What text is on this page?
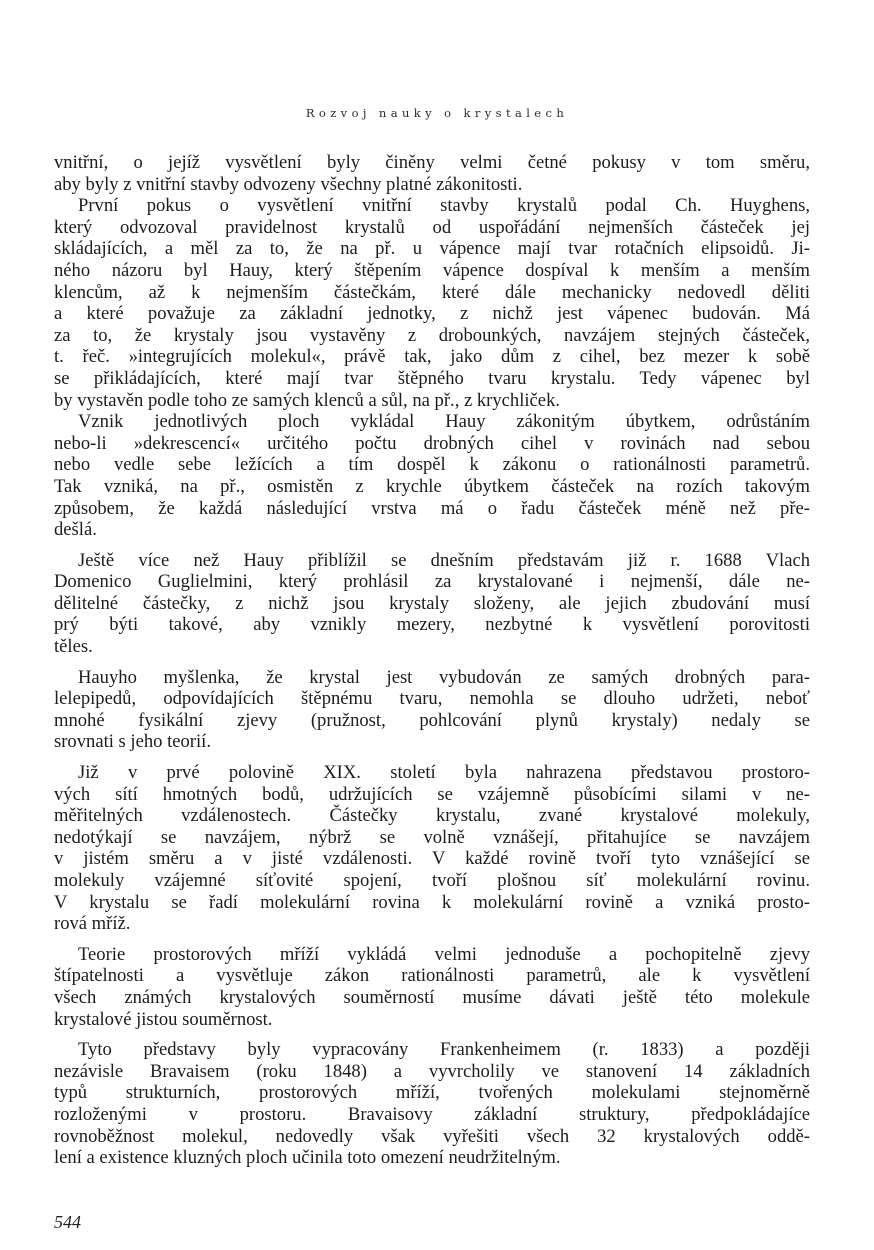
Rozvoj nauky o krystalech
vnitřní, o jejíž vysvětlení byly činěny velmi četné pokusy v tom směru,
aby byly z vnitřní stavby odvozeny všechny platné zákonitosti.
První pokus o vysvětlení vnitřní stavby krystalů podal Ch. Huyghens,
který odvozoval pravidelnost krystalů od uspořádání nejmenších částeček jej
skládajících, a měl za to, že na př. u vápence mají tvar rotačních elipsoidů. Ji-
ného názoru byl Hauy, který štěpením vápence dospíval k menším a menším
klencům, až k nejmenším částečkám, které dále mechanicky nedovedl děliti
a které považuje za základní jednotky, z nichž jest vápenec budován. Má
za to, že krystaly jsou vystavěny z drobounkých, navzájem stejných částeček,
t. řeč. »integrujících molekul«, právě tak, jako dům z cihel, bez mezer k sobě
se přikládajících, které mají tvar štěpného tvaru krystalu. Tedy vápenec byl
by vystavěn podle toho ze samých klenců a sůl, na př., z krychliček.
Vznik jednotlivých ploch vykládal Hauy zákonitým úbytkem, odrůstáním
nebo-li »dekrescencí« určitého počtu drobných cihel v rovinách nad sebou
nebo vedle sebe ležících a tím dospěl k zákonu o rationálnosti parametrů.
Tak vzniká, na př., osmistěn z krychle úbytkem částeček na rozích takovým
způsobem, že každá následující vrstva má o řadu částeček méně než pře-
dešlá.
Ještě více než Hauy přiblížil se dnešním představám již r. 1688 Vlach
Domenico Guglielmini, který prohlásil za krystalované i nejmenší, dále ne-
dělitelné částečky, z nichž jsou krystaly složeny, ale jejich zbudování musí
prý býti takové, aby vznikly mezery, nezbytné k vysvětlení porovitosti
těles.
Hauyho myšlenka, že krystal jest vybudován ze samých drobných para-
lelepipedů, odpovídajících štěpnému tvaru, nemohla se dlouho udržeti, neboť
mnohé fysikální zjevy (pružnost, pohlcování plynů krystaly) nedaly se
srovnati s jeho teorií.
Již v prvé polovině XIX. století byla nahrazena představou prostoro-
vých sítí hmotných bodů, udržujících se vzájemně působícími silami v ne-
měřitelných vzdálenostech. Částečky krystalu, zvané krystalové molekuly,
nedotýkají se navzájem, nýbrž se volně vznášejí, přitahujíce se navzájem
v jistém směru a v jisté vzdálenosti. V každé rovině tvoří tyto vznášející se
molekuly vzájemné síťovité spojení, tvoří plošnou síť molekulární rovinu.
V krystalu se řadí molekulární rovina k molekulární rovině a vzniká prosto-
rová mříž.
Teorie prostorových mříží vykládá velmi jednoduše a pochopitelně zjevy
štípatelnosti a vysvětluje zákon rationálnosti parametrů, ale k vysvětlení
všech známých krystalových souměrností musíme dávati ještě této molekule
krystalové jistou souměrnost.
Tyto představy byly vypracovány Frankenheimem (r. 1833) a později
nezávisle Bravaisem (roku 1848) a vyvrcholily ve stanovení 14 základních
typů strukturních, prostorových mříží, tvořených molekulami stejnoměrně
rozloženými v prostoru. Bravaisovy základní struktury, předpokládajíce
rovnoběžnost molekul, nedovedly však vyřešiti všech 32 krystalových oddě-
lení a existence kluzných ploch učinila toto omezení neudržitelným.
544
